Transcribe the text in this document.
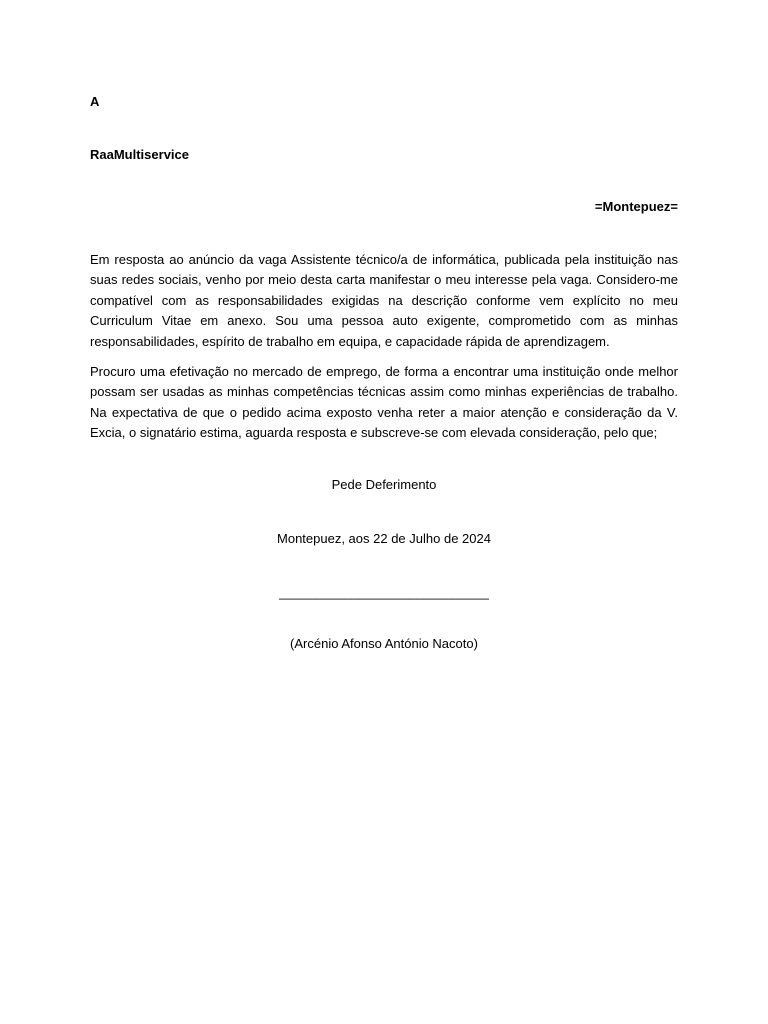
A

RaaMultiservice

=Montepuez=

Em resposta ao anúncio da vaga Assistente técnico/a de informática, publicada pela instituição nas suas redes sociais, venho por meio desta carta manifestar o meu interesse pela vaga. Considero-me compatível com as responsabilidades exigidas na descrição conforme vem explícito no meu Curriculum Vitae em anexo. Sou uma pessoa auto exigente, comprometido com as minhas responsabilidades, espírito de trabalho em equipa, e capacidade rápida de aprendizagem.

Procuro uma efetivação no mercado de emprego, de forma a encontrar uma instituição onde melhor possam ser usadas as minhas competências técnicas assim como minhas experiências de trabalho. Na expectativa de que o pedido acima exposto venha reter a maior atenção e consideração da V. Excia, o signatário estima, aguarda resposta e subscreve-se com elevada consideração, pelo que;

Pede Deferimento

Montepuez, aos 22 de Julho de 2024

_____________________________

(Arcénio Afonso António Nacoto)
